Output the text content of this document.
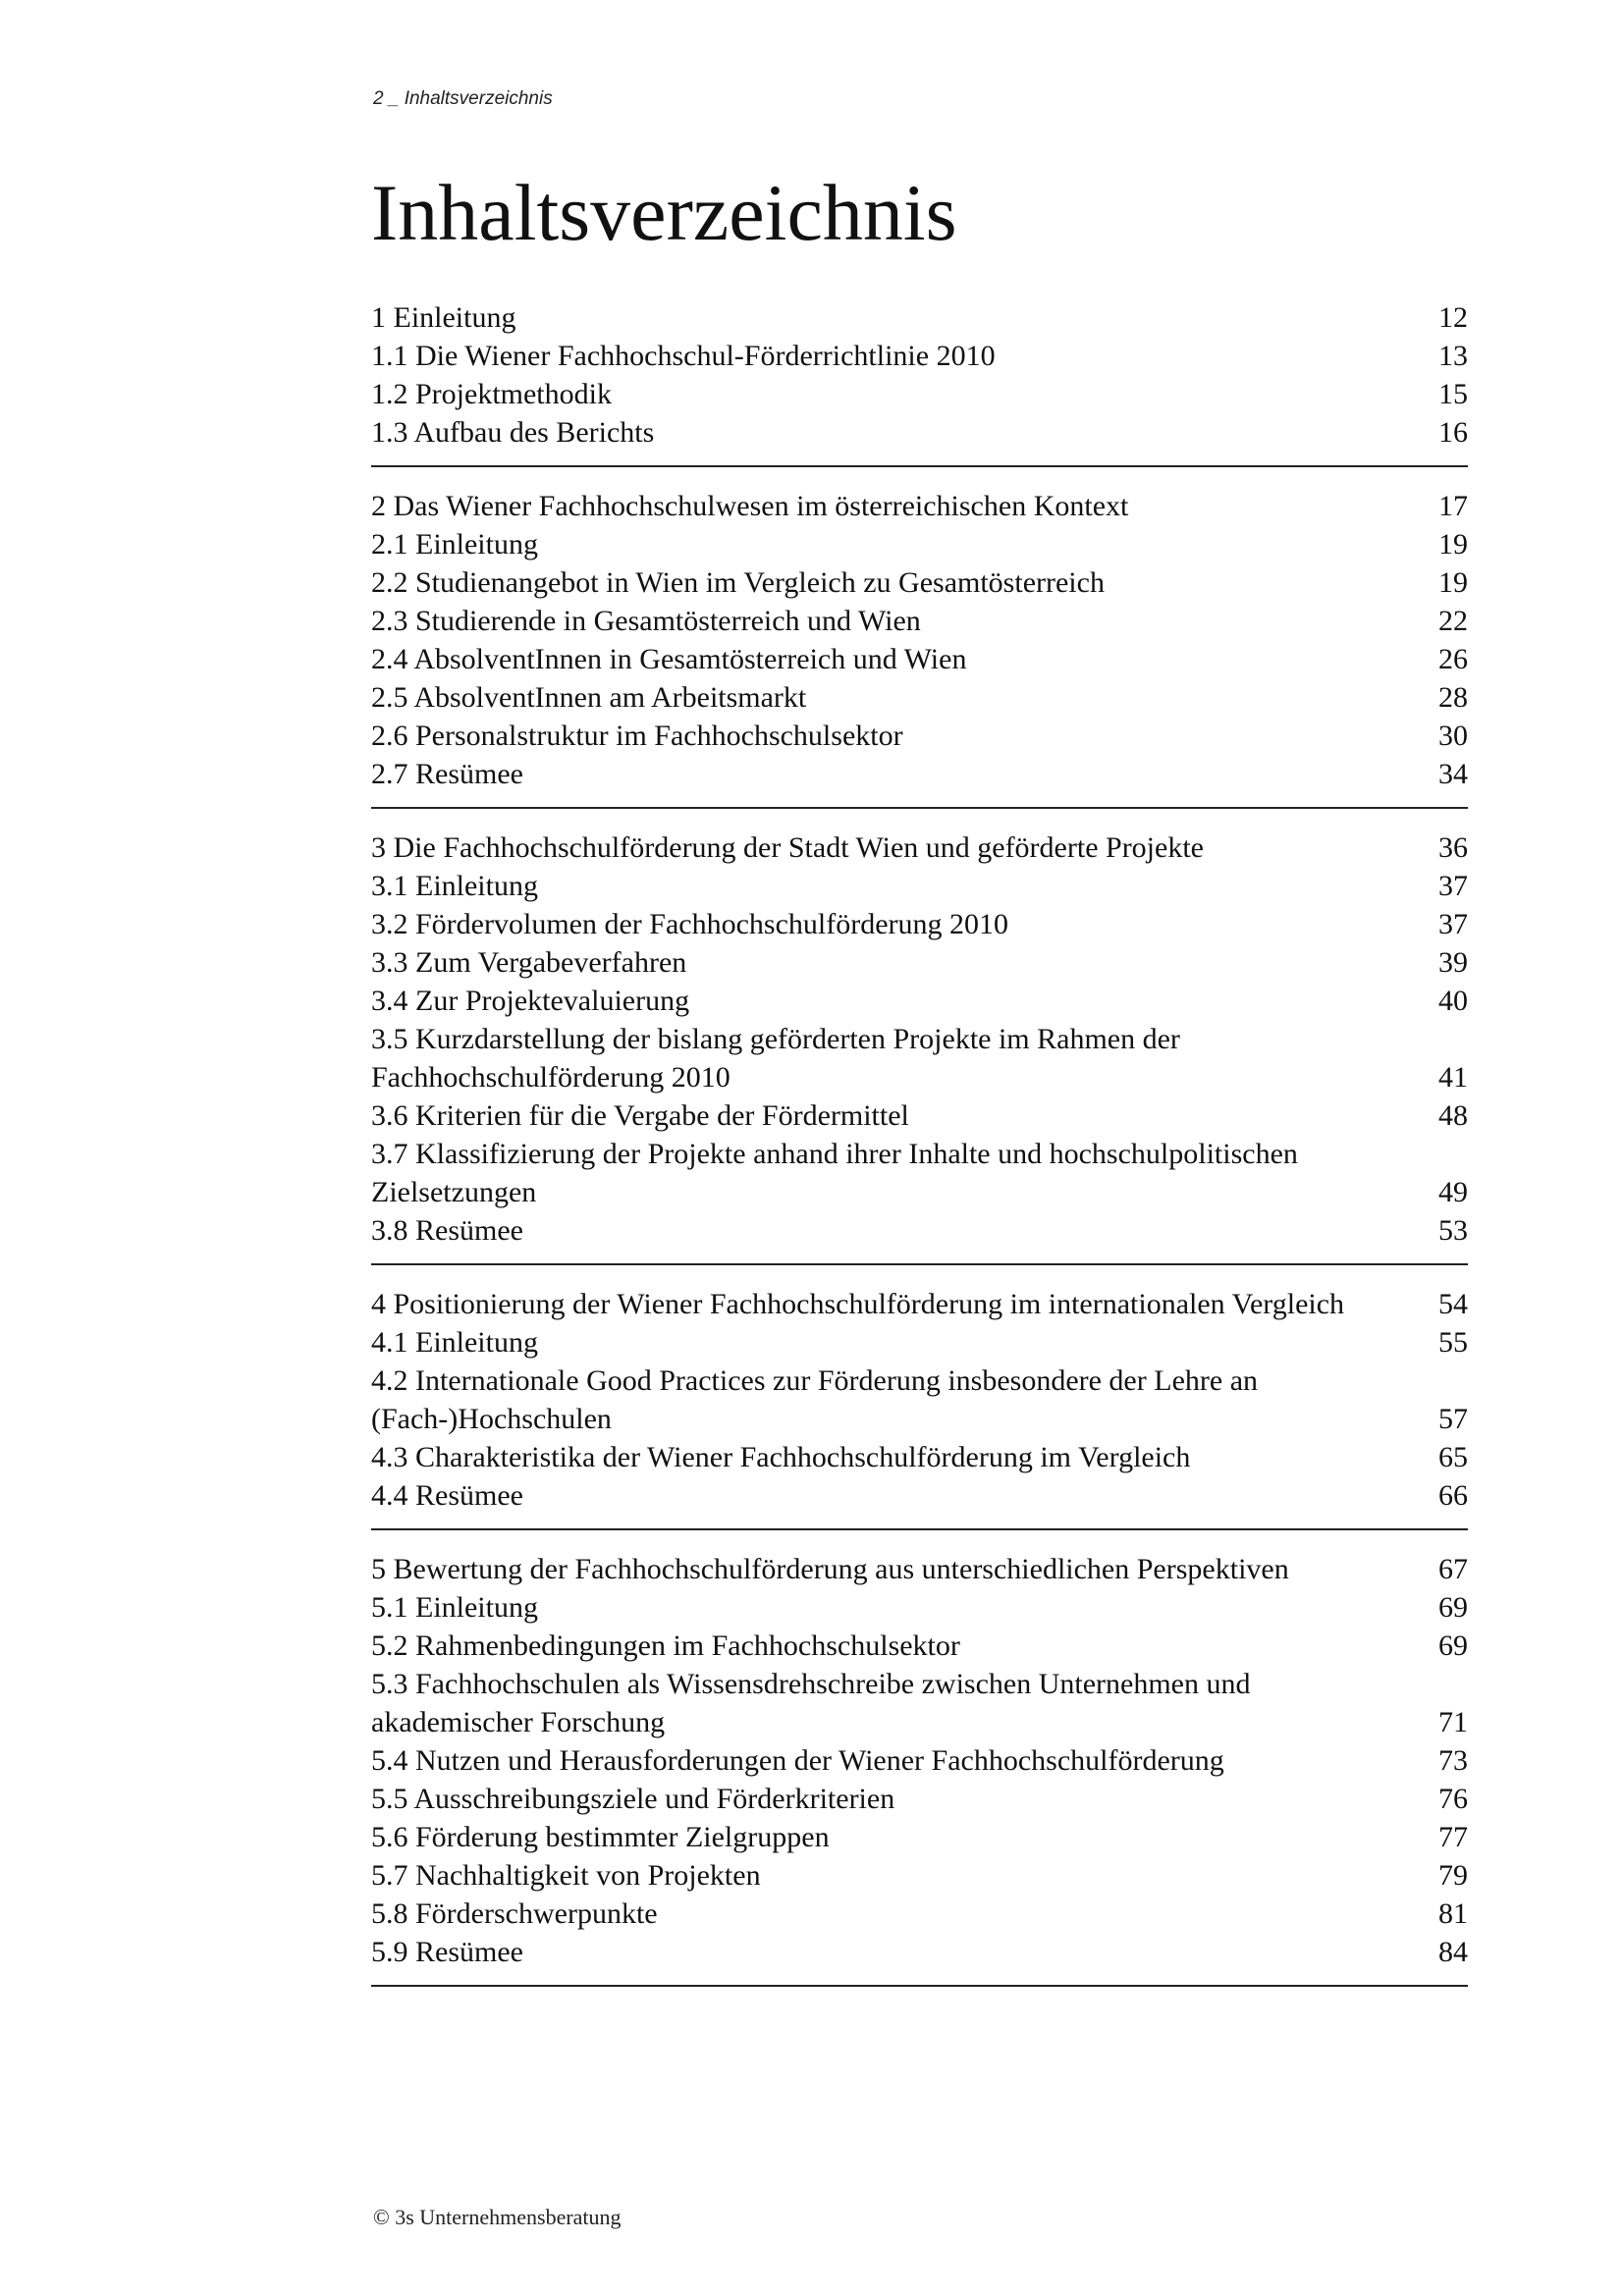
2 _ Inhaltsverzeichnis
Inhaltsverzeichnis
1 Einleitung	12
1.1 Die Wiener Fachhochschul-Förderrichtlinie 2010	13
1.2 Projektmethodik	15
1.3 Aufbau des Berichts	16
2 Das Wiener Fachhochschulwesen im österreichischen Kontext	17
2.1 Einleitung	19
2.2 Studienangebot in Wien im Vergleich zu Gesamtösterreich	19
2.3 Studierende in Gesamtösterreich und Wien	22
2.4 AbsolventInnen in Gesamtösterreich und Wien	26
2.5 AbsolventInnen am Arbeitsmarkt	28
2.6 Personalstruktur im Fachhochschulsektor	30
2.7 Resümee	34
3 Die Fachhochschulförderung der Stadt Wien und geförderte Projekte	36
3.1 Einleitung	37
3.2 Fördervolumen der Fachhochschulförderung 2010	37
3.3 Zum Vergabeverfahren	39
3.4 Zur Projektevaluierung	40
3.5 Kurzdarstellung der bislang geförderten Projekte im Rahmen der Fachhochschulförderung 2010	41
3.6 Kriterien für die Vergabe der Fördermittel	48
3.7 Klassifizierung der Projekte anhand ihrer Inhalte und hochschulpolitischen Zielsetzungen	49
3.8 Resümee	53
4 Positionierung der Wiener Fachhochschulförderung im internationalen Vergleich	54
4.1 Einleitung	55
4.2 Internationale Good Practices zur Förderung insbesondere der Lehre an (Fach-)Hochschulen	57
4.3 Charakteristika der Wiener Fachhochschulförderung im Vergleich	65
4.4 Resümee	66
5 Bewertung der Fachhochschulförderung aus unterschiedlichen Perspektiven	67
5.1 Einleitung	69
5.2 Rahmenbedingungen im Fachhochschulsektor	69
5.3 Fachhochschulen als Wissensdrehschreibe zwischen Unternehmen und akademischer Forschung	71
5.4 Nutzen und Herausforderungen der Wiener Fachhochschulförderung	73
5.5 Ausschreibungsziele und Förderkriterien	76
5.6 Förderung bestimmter Zielgruppen	77
5.7 Nachhaltigkeit von Projekten	79
5.8 Förderschwerpunkte	81
5.9 Resümee	84
© 3s Unternehmensberatung
